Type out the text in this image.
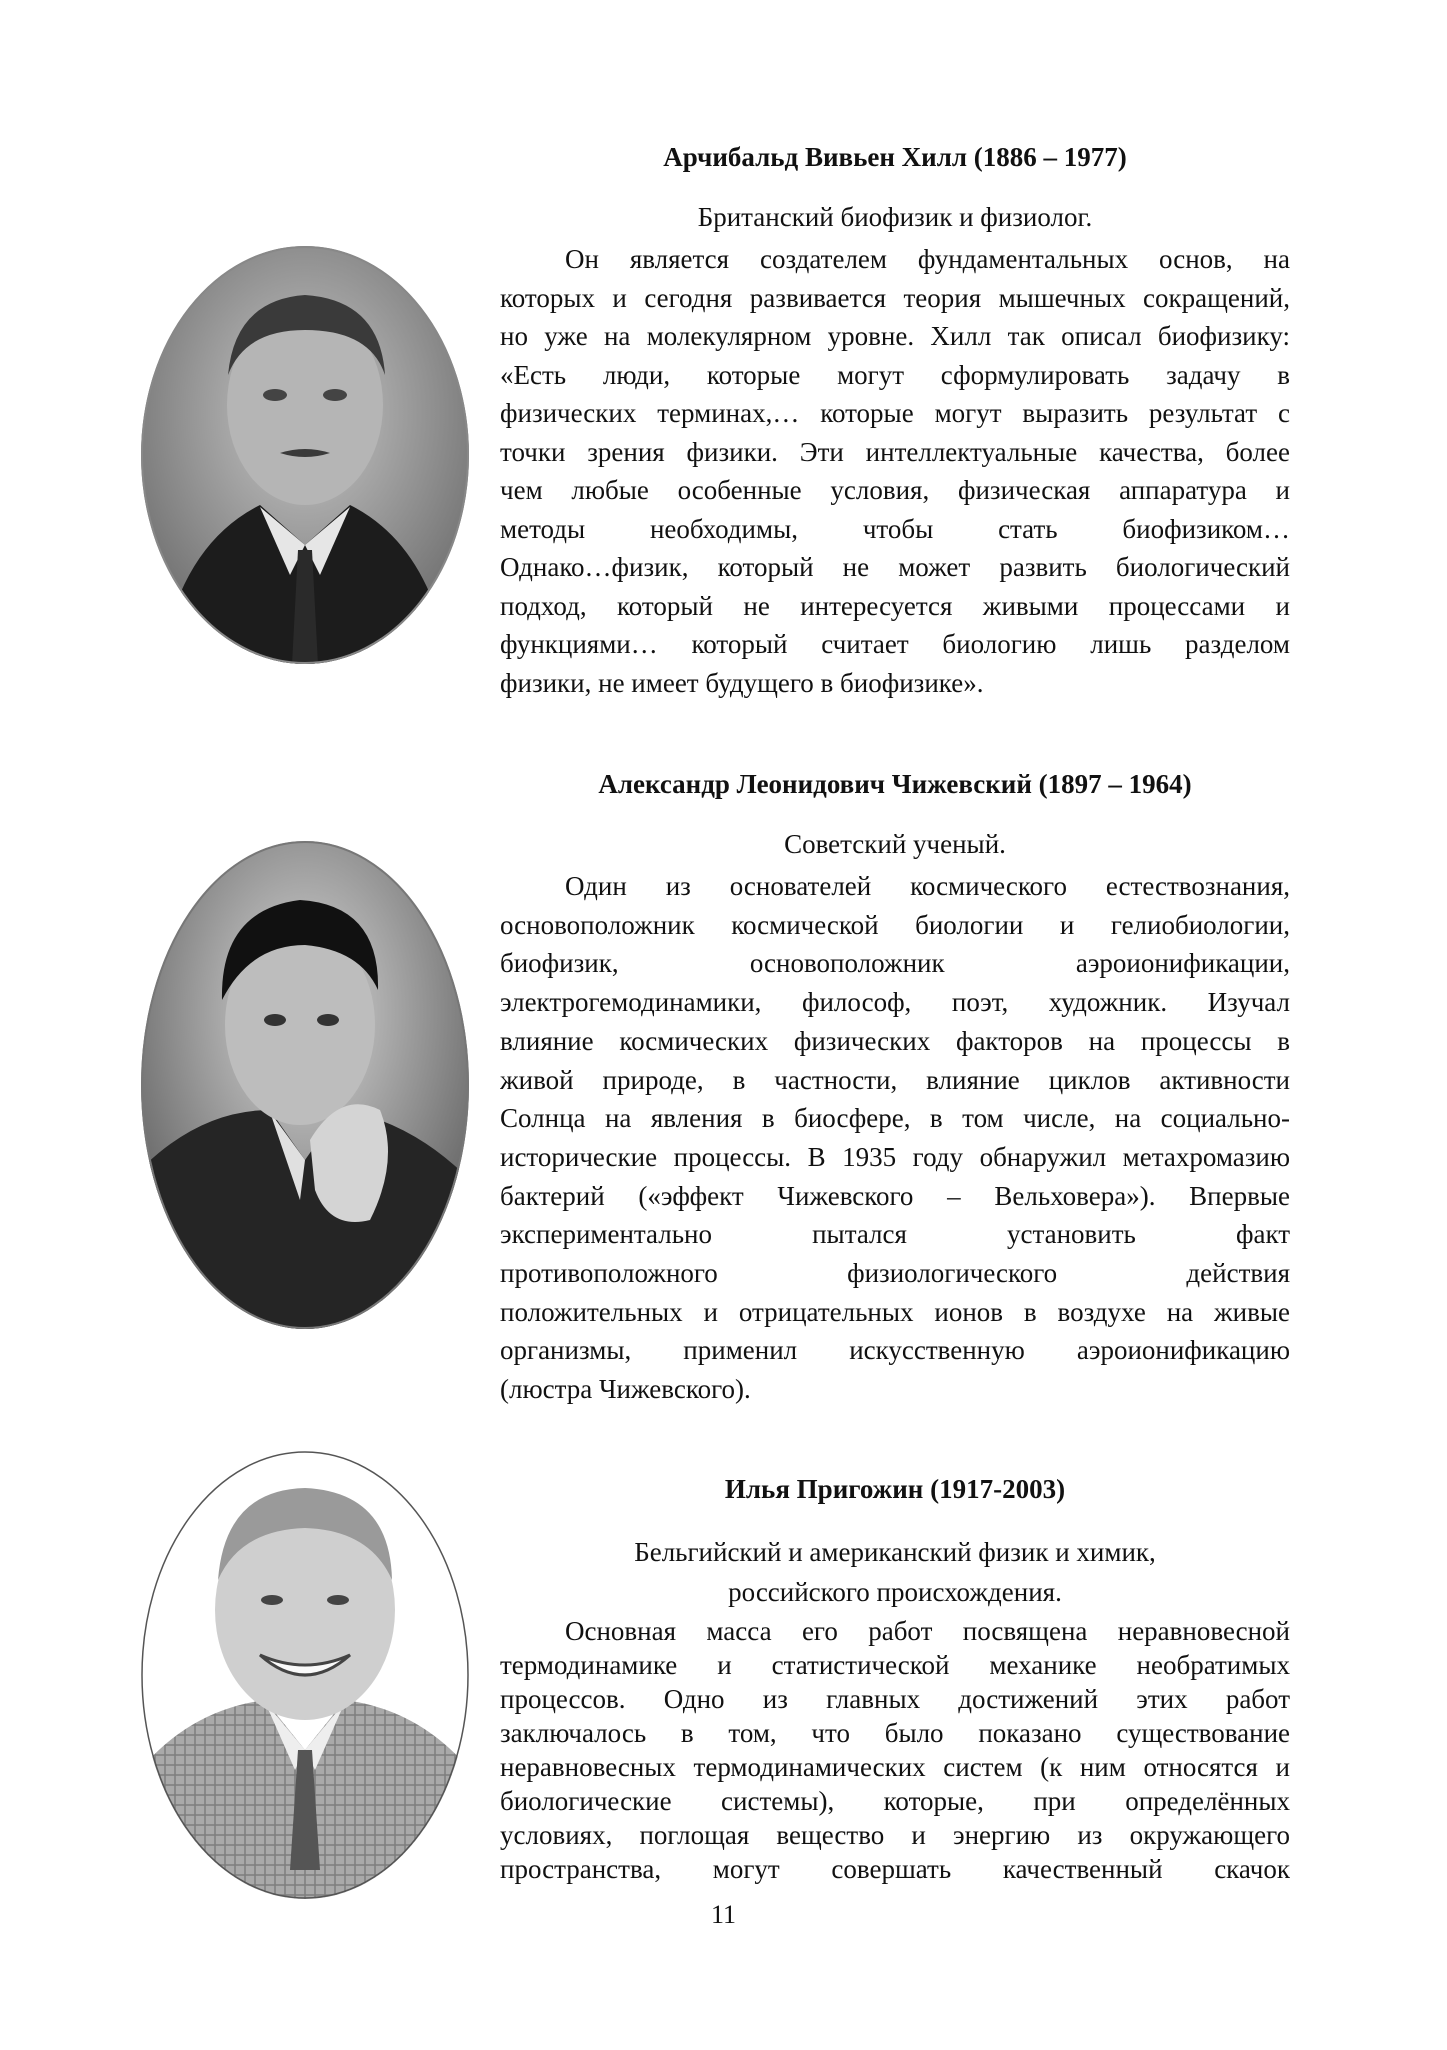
Арчибальд Вивьен Хилл (1886 – 1977)
Британский биофизик и физиолог.
Он является создателем фундаментальных основ, на
которых и сегодня развивается теория мышечных сокращений,
но уже на молекулярном уровне. Хилл так описал биофизику:
«Есть люди, которые могут сформулировать задачу в
физических терминах,… которые могут выразить результат с
точки зрения физики. Эти интеллектуальные качества, более
чем любые особенные условия, физическая аппаратура и
методы необходимы, чтобы стать биофизиком…
Однако…физик, который не может развить биологический
подход, который не интересуется живыми процессами и
функциями… который считает биологию лишь разделом
физики, не имеет будущего в биофизике».
Александр Леонидович Чижевский (1897 – 1964)
Советский ученый.
Один из основателей космического естествознания,
основоположник космической биологии и гелиобиологии,
биофизик, основоположник аэроионификации,
электрогемодинамики, философ, поэт, художник. Изучал
влияние космических физических факторов на процессы в
живой природе, в частности, влияние циклов активности
Солнца на явления в биосфере, в том числе, на социально-
исторические процессы. В 1935 году обнаружил метахромазию
бактерий («эффект Чижевского – Вельховера»). Впервые
экспериментально пытался установить факт
противоположного физиологического действия
положительных и отрицательных ионов в воздухе на живые
организмы, применил искусственную аэроионификацию
(люстра Чижевского).
Илья Пригожин (1917-2003)
Бельгийский и американский физик и химик,
российского происхождения.
Основная масса его работ посвящена неравновесной
термодинамике и статистической механике необратимых
процессов. Одно из главных достижений этих работ
заключалось в том, что было показано существование
неравновесных термодинамических систем (к ним относятся и
биологические системы), которые, при определённых
условиях, поглощая вещество и энергию из окружающего
пространства, могут совершать качественный скачок
11
